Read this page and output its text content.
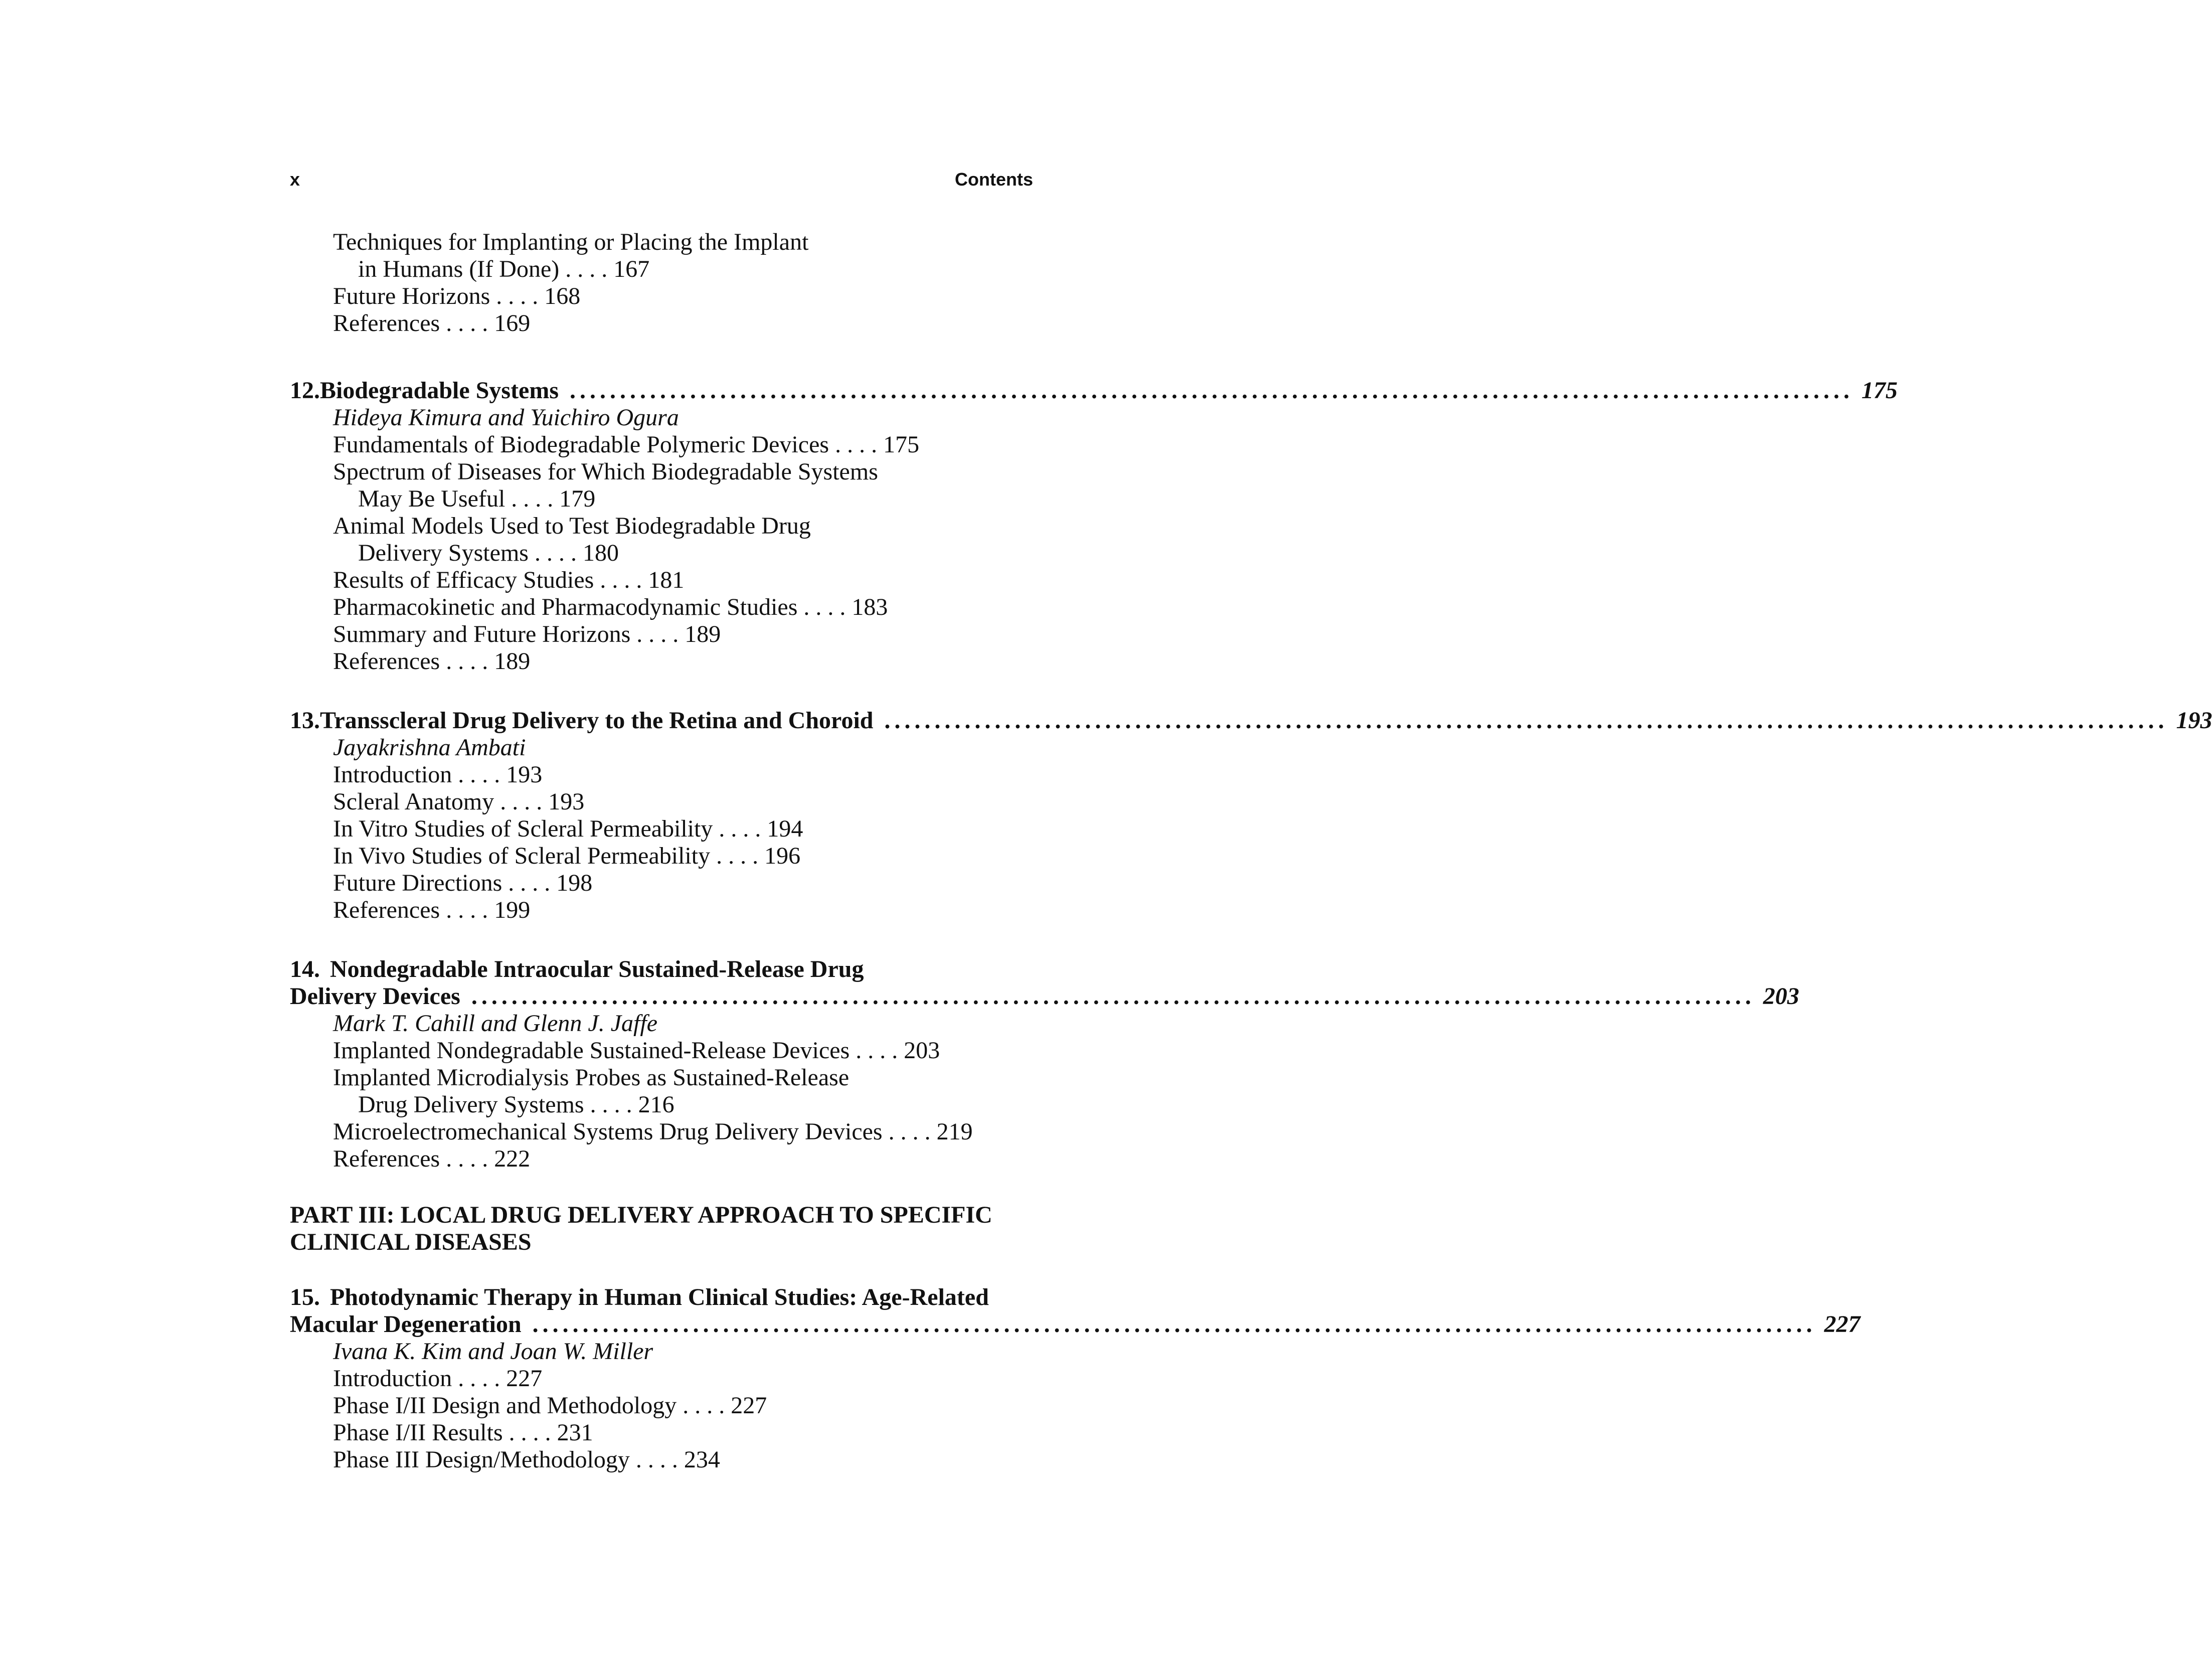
x	Contents
Techniques for Implanting or Placing the Implant
in Humans (If Done) . . . . 167
Future Horizons . . . . 168
References . . . . 169
12. Biodegradable Systems ................................................................................................................................ 175
Hideya Kimura and Yuichiro Ogura
Fundamentals of Biodegradable Polymeric Devices . . . . 175
Spectrum of Diseases for Which Biodegradable Systems
May Be Useful . . . . 179
Animal Models Used to Test Biodegradable Drug
Delivery Systems . . . . 180
Results of Efficacy Studies . . . . 181
Pharmacokinetic and Pharmacodynamic Studies . . . . 183
Summary and Future Horizons . . . . 189
References . . . . 189
13. Transscleral Drug Delivery to the Retina and Choroid ................................................................................................................................ 193
Jayakrishna Ambati
Introduction . . . . 193
Scleral Anatomy . . . . 193
In Vitro Studies of Scleral Permeability . . . . 194
In Vivo Studies of Scleral Permeability . . . . 196
Future Directions . . . . 198
References . . . . 199
14. Nondegradable Intraocular Sustained-Release Drug
Delivery Devices ................................................................................................................................ 203
Mark T. Cahill and Glenn J. Jaffe
Implanted Nondegradable Sustained-Release Devices . . . . 203
Implanted Microdialysis Probes as Sustained-Release
Drug Delivery Systems . . . . 216
Microelectromechanical Systems Drug Delivery Devices . . . . 219
References . . . . 222
PART III: LOCAL DRUG DELIVERY APPROACH TO SPECIFIC
CLINICAL DISEASES
15. Photodynamic Therapy in Human Clinical Studies: Age-Related
Macular Degeneration ................................................................................................................................ 227
Ivana K. Kim and Joan W. Miller
Introduction . . . . 227
Phase I/II Design and Methodology . . . . 227
Phase I/II Results . . . . 231
Phase III Design/Methodology . . . . 234
